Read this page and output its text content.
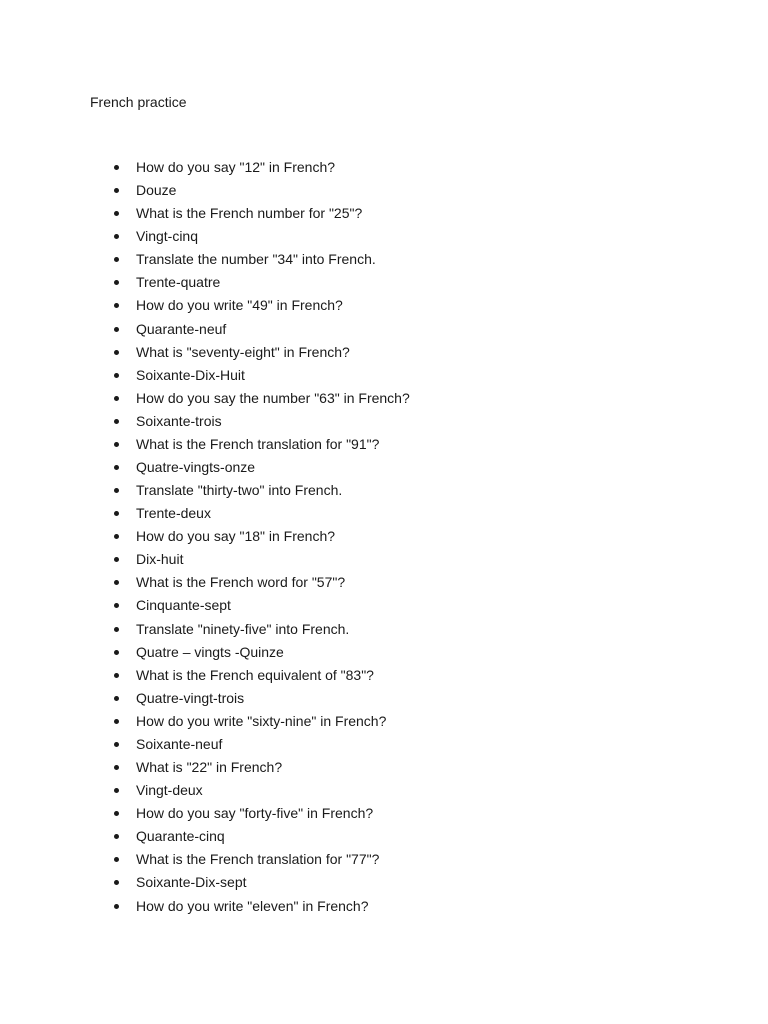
French practice
How do you say "12" in French?
Douze
What is the French number for "25"?
Vingt-cinq
Translate the number "34" into French.
Trente-quatre
How do you write "49" in French?
Quarante-neuf
What is "seventy-eight" in French?
Soixante-Dix-Huit
How do you say the number "63" in French?
Soixante-trois
What is the French translation for "91"?
Quatre-vingts-onze
Translate "thirty-two" into French.
Trente-deux
How do you say "18" in French?
Dix-huit
What is the French word for "57"?
Cinquante-sept
Translate "ninety-five" into French.
Quatre – vingts -Quinze
What is the French equivalent of "83"?
Quatre-vingt-trois
How do you write "sixty-nine" in French?
Soixante-neuf
What is "22" in French?
Vingt-deux
How do you say "forty-five" in French?
Quarante-cinq
What is the French translation for "77"?
Soixante-Dix-sept
How do you write "eleven" in French?
